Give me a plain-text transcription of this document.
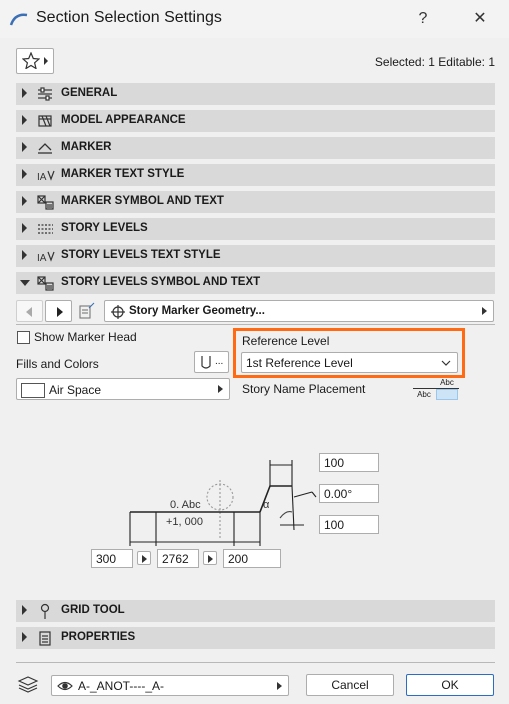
Section Selection Settings	?	✕
Selected: 1 Editable: 1
GENERAL
MODEL APPEARANCE
MARKER
IA MARKER TEXT STYLE
MARKER SYMBOL AND TEXT
STORY LEVELS
IA STORY LEVELS TEXT STYLE
STORY LEVELS SYMBOL AND TEXT
Story Marker Geometry...
Show Marker Head
Fills and Colors	...
Air Space
Reference Level
1st Reference Level
Story Name Placement	Abc
Abc
0. Abc
+1, 000
α
100
0.00°
100
300	2762	200
GRID TOOL
PROPERTIES
A-_ANOT----_A-	Cancel	OK
